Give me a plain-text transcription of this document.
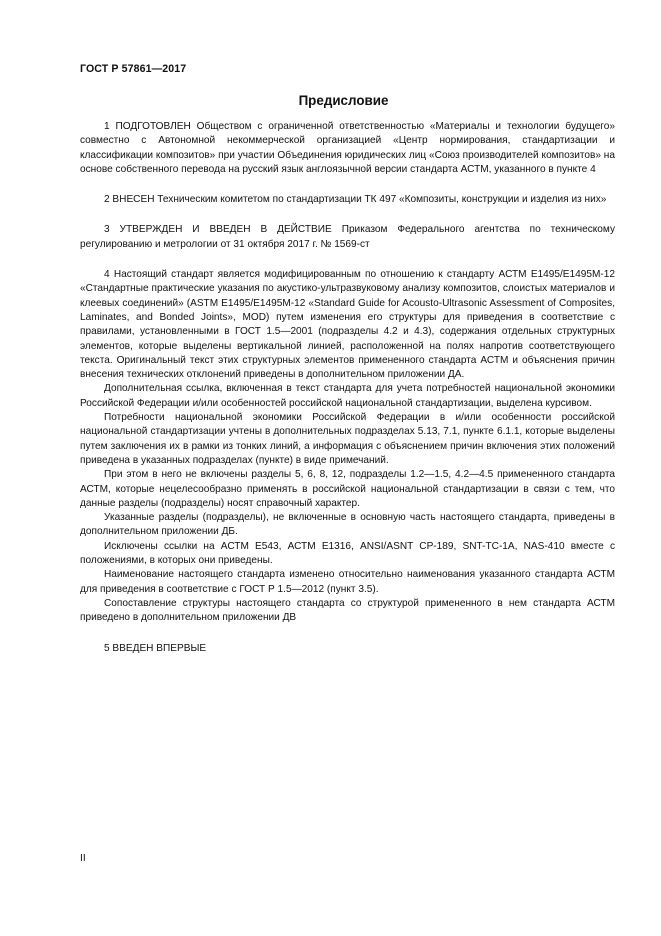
ГОСТ Р 57861—2017
Предисловие

1 ПОДГОТОВЛЕН Обществом с ограниченной ответственностью «Материалы и технологии будущего» совместно с Автономной некоммерческой организацией «Центр нормирования, стандартизации и классификации композитов» при участии Объединения юридических лиц «Союз производителей композитов» на основе собственного перевода на русский язык англоязычной версии стандарта АСТМ, указанного в пункте 4

2 ВНЕСЕН Техническим комитетом по стандартизации ТК 497 «Композиты, конструкции и изделия из них»

3 УТВЕРЖДЕН И ВВЕДЕН В ДЕЙСТВИЕ Приказом Федерального агентства по техническому регулированию и метрологии от 31 октября 2017 г. № 1569-ст

4 Настоящий стандарт является модифицированным по отношению к стандарту АСТМ Е1495/Е1495М-12 «Стандартные практические указания по акустико-ультразвуковому анализу композитов, слоистых материалов и клеевых соединений» (ASTM E1495/E1495M-12 «Standard Guide for Acousto-Ultrasonic Assessment of Composites, Laminates, and Bonded Joints», MOD) путем изменения его структуры для приведения в соответствие с правилами, установленными в ГОСТ 1.5—2001 (подразделы 4.2 и 4.3), содержания отдельных структурных элементов, которые выделены вертикальной линией, расположенной на полях напротив соответствующего текста. Оригинальный текст этих структурных элементов примененного стандарта АСТМ и объяснения причин внесения технических отклонений приведены в дополнительном приложении ДА.

Дополнительная ссылка, включенная в текст стандарта для учета потребностей национальной экономики Российской Федерации и/или особенностей российской национальной стандартизации, выделена курсивом.

Потребности национальной экономики Российской Федерации в и/или особенности российской национальной стандартизации учтены в дополнительных подразделах 5.13, 7.1, пункте 6.1.1, которые выделены путем заключения их в рамки из тонких линий, а информация с объяснением причин включения этих положений приведена в указанных подразделах (пункте) в виде примечаний.

При этом в него не включены разделы 5, 6, 8, 12, подразделы 1.2—1.5, 4.2—4.5 примененного стандарта АСТМ, которые нецелесообразно применять в российской национальной стандартизации в связи с тем, что данные разделы (подразделы) носят справочный характер.

Указанные разделы (подразделы), не включенные в основную часть настоящего стандарта, приведены в дополнительном приложении ДБ.

Исключены ссылки на АСТМ Е543, АСТМ Е1316, ANSI/ASNT CP-189, SNT-TC-1A, NAS-410 вместе с положениями, в которых они приведены.

Наименование настоящего стандарта изменено относительно наименования указанного стандарта АСТМ для приведения в соответствие с ГОСТ Р 1.5—2012 (пункт 3.5).

Сопоставление структуры настоящего стандарта со структурой примененного в нем стандарта АСТМ приведено в дополнительном приложении ДВ

5 ВВЕДЕН ВПЕРВЫЕ

II
